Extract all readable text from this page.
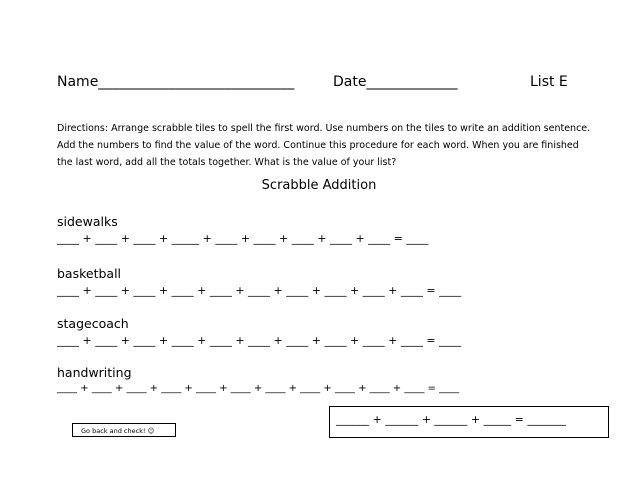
Name____________________________	Date_____________	List E
Directions: Arrange scrabble tiles to spell the first word. Use numbers on the tiles to write an addition sentence. Add the numbers to find the value of the word. Continue this procedure for each word. When you are finished the last word, add all the totals together. What is the value of your list?
Scrabble Addition
sidewalks
____ + ____ + ____ + _____ + ____ + ____ + ____ + ____ + ____ = ____
basketball
____ + ____ + ____ + ____ + ____ + ____ + ____ + ____ + ____ + ____ = ____
stagecoach
____ + ____ + ____ + ____ + ____ + ____ + ____ + ____ + ____ + ____ = ____
handwriting
____ + ____ + ____ + ____ + ____ + ____ + ____ + ____ + ____ + ____ + ____ = ____
______ + ______ + ______ + _____ = _______
Go back and check! ☺
